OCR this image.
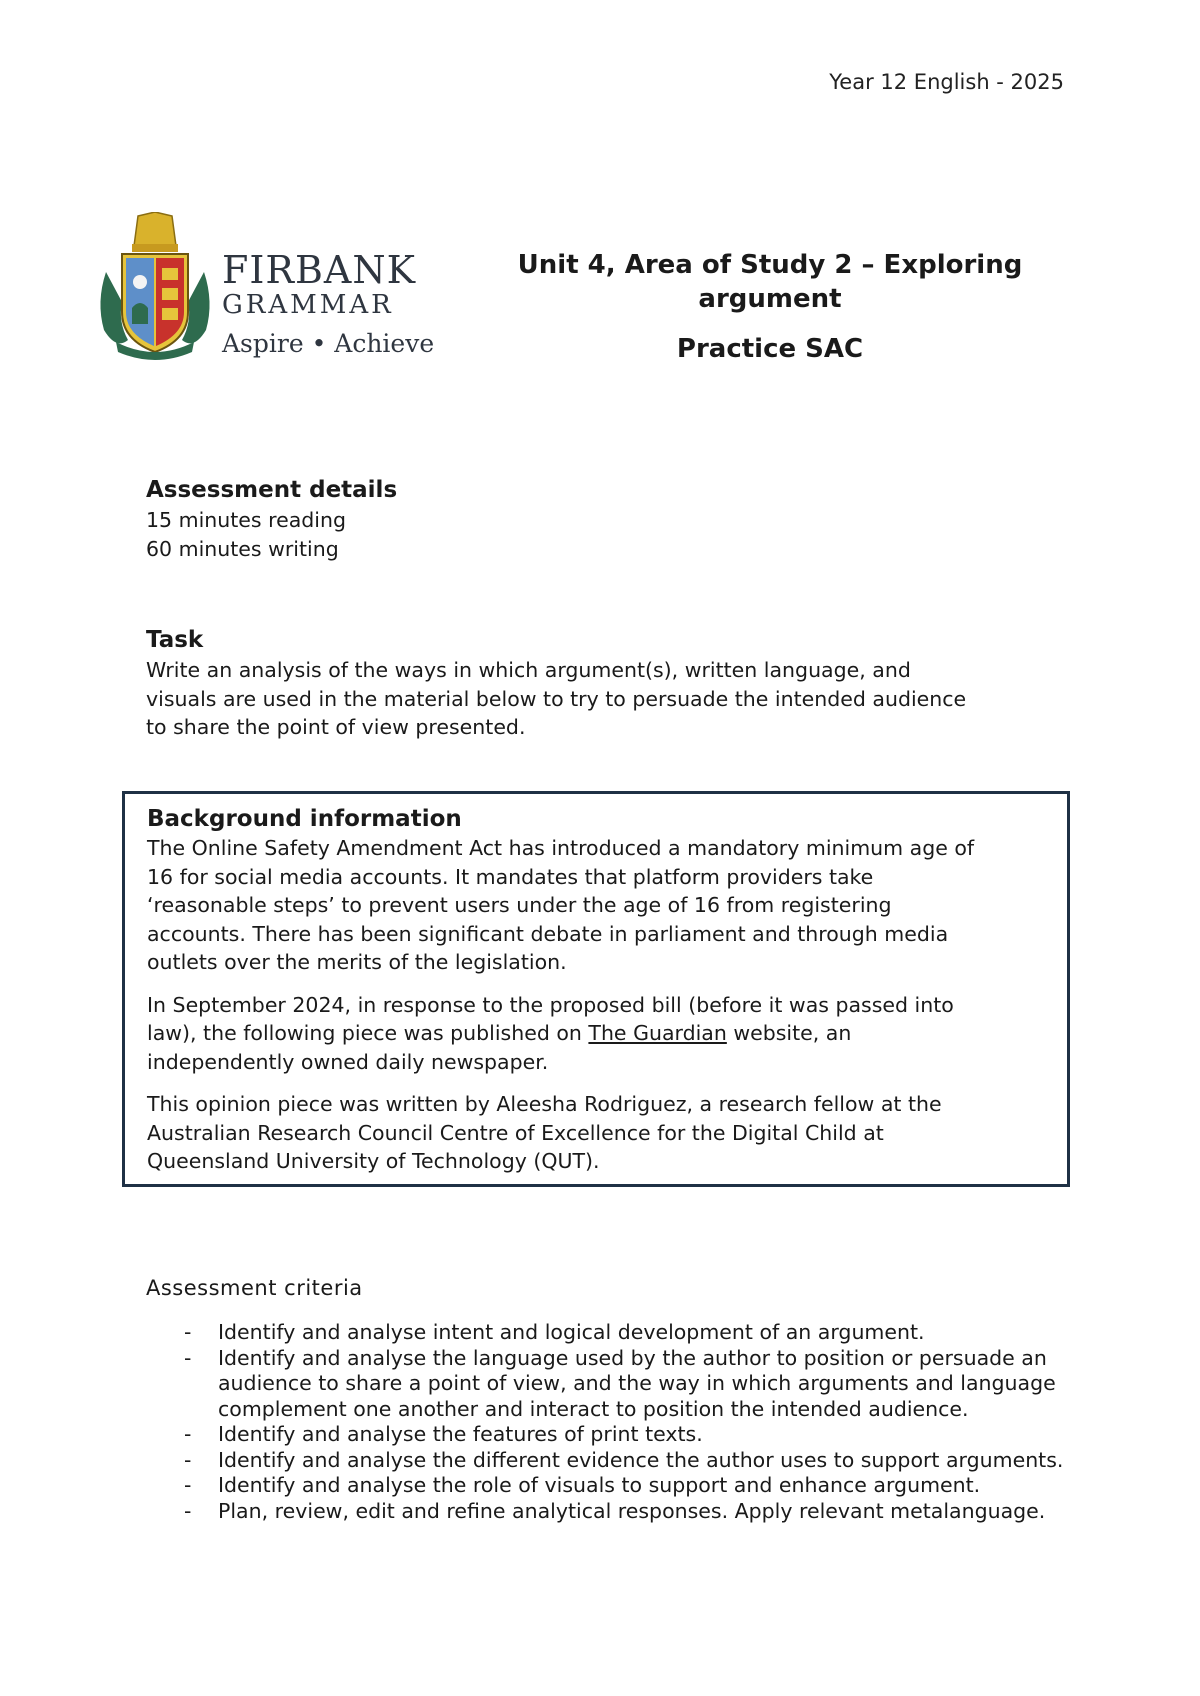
Year 12 English - 2025
FIRBANK
GRAMMAR
Aspire • Achieve
Unit 4, Area of Study 2 – Exploring
argument
Practice SAC
Assessment details
15 minutes reading
60 minutes writing
Task
Write an analysis of the ways in which argument(s), written language, and
visuals are used in the material below to try to persuade the intended audience
to share the point of view presented.
Background information

The Online Safety Amendment Act has introduced a mandatory minimum age of
16 for social media accounts. It mandates that platform providers take
‘reasonable steps’ to prevent users under the age of 16 from registering
accounts. There has been significant debate in parliament and through media
outlets over the merits of the legislation.

In September 2024, in response to the proposed bill (before it was passed into
law), the following piece was published on The Guardian website, an
independently owned daily newspaper.

This opinion piece was written by Aleesha Rodriguez, a research fellow at the
Australian Research Council Centre of Excellence for the Digital Child at
Queensland University of Technology (QUT).

Assessment criteria
- Identify and analyse intent and logical development of an argument.
- Identify and analyse the language used by the author to position or persuade an
audience to share a point of view, and the way in which arguments and language
complement one another and interact to position the intended audience.
- Identify and analyse the features of print texts.
- Identify and analyse the different evidence the author uses to support arguments.
- Identify and analyse the role of visuals to support and enhance argument.
- Plan, review, edit and refine analytical responses. Apply relevant metalanguage.
